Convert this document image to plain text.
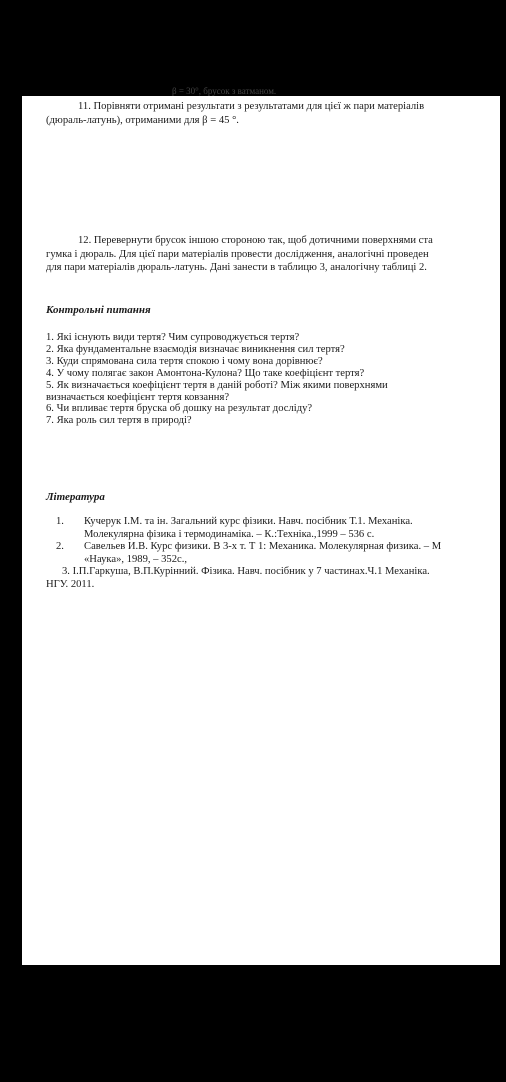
β = 30°, брусок з ватманом.
11. Порівняти отримані результати з результатами для цієї ж пари матеріалів
(дюраль-латунь), отриманими для β = 45 °.
12. Перевернути брусок іншою стороною так, щоб дотичними поверхнями ста
гумка і дюраль. Для цієї пари матеріалів провести дослідження, аналогічні проведен
для пари матеріалів дюраль-латунь. Дані занести в таблицю 3, аналогічну таблиці 2.
Контрольні питання
1. Які існують види тертя? Чим супроводжується тертя?
2. Яка фундаментальне взаємодія визначає виникнення сил тертя?
3. Куди спрямована сила тертя спокою і чому вона дорівнює?
4. У чому полягає закон Амонтона-Кулона? Що таке коефіцієнт тертя?
5. Як визначається коефіцієнт тертя в даній роботі? Між якими поверхнями
визначається коефіцієнт тертя ковзання?
6. Чи впливає тертя бруска об дошку на результат досліду?
7. Яка роль сил тертя в природі?
Література
1. Кучерук І.М. та ін. Загальний курс фізики. Навч. посібник Т.1. Механіка.
Молекулярна фізика і термодинаміка. – К.:Техніка.,1999 – 536 с.
2. Савельев И.В. Курс физики. В 3-х т. Т 1: Механика. Молекулярная физика. – М
«Наука», 1989, – 352с.,
3. І.П.Гаркуша, В.П.Курінний. Фізика. Навч. посібник у 7 частинах.Ч.1 Механіка.
НГУ. 2011.
